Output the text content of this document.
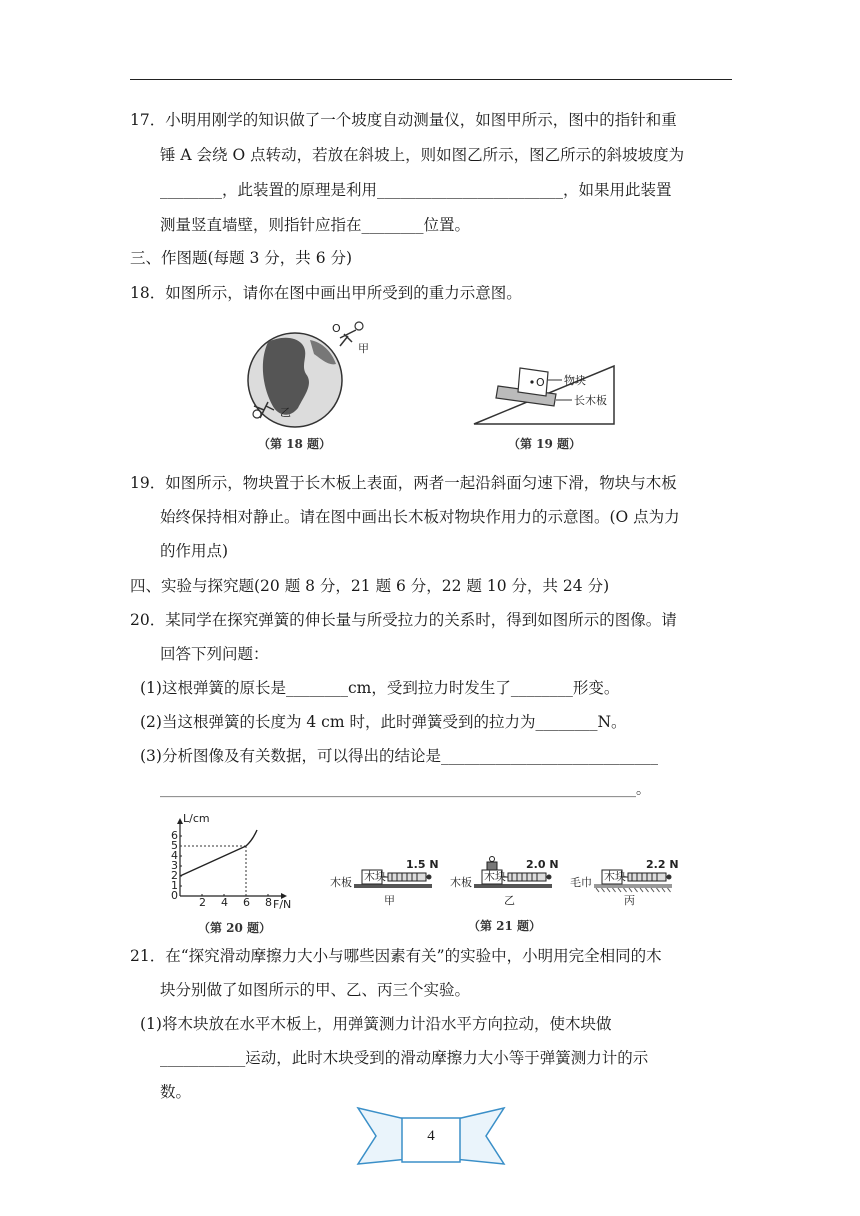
17．小明用刚学的知识做了一个坡度自动测量仪，如图甲所示，图中的指针和重
锤 A 会绕 O 点转动，若放在斜坡上，则如图乙所示，图乙所示的斜坡坡度为
________，此装置的原理是利用________________________，如果用此装置
测量竖直墙壁，则指针应指在________位置。
三、作图题(每题 3 分，共 6 分)
18．如图所示，请你在图中画出甲所受到的重力示意图。
O
甲
乙
（第 18 题）
O 物块
长木板
（第 19 题）
19．如图所示，物块置于长木板上表面，两者一起沿斜面匀速下滑，物块与木板
始终保持相对静止。请在图中画出长木板对物块作用力的示意图。(O 点为力
的作用点)
四、实验与探究题(20 题 8 分，21 题 6 分，22 题 10 分，共 24 分)
20．某同学在探究弹簧的伸长量与所受拉力的关系时，得到如图所示的图像。请
回答下列问题：
(1)这根弹簧的原长是________cm，受到拉力时发生了________形变。
(2)当这根弹簧的长度为 4 cm 时，此时弹簧受到的拉力为________N。
(3)分析图像及有关数据，可以得出的结论是____________________________
____________________________________________________________________。
L/cm
F/N
（第 20 题）
2 4 6 8
0
1
2
3
4
5
6
（第 21 题）
木块
1.5 N
木板
甲
木块
2.0 N
木板
乙
木块
2.2 N
毛巾
丙
21．在“探究滑动摩擦力大小与哪些因素有关”的实验中，小明用完全相同的木
块分别做了如图所示的甲、乙、丙三个实验。
(1)将木块放在水平木板上，用弹簧测力计沿水平方向拉动，使木块做
___________运动，此时木块受到的滑动摩擦力大小等于弹簧测力计的示
数。
4
